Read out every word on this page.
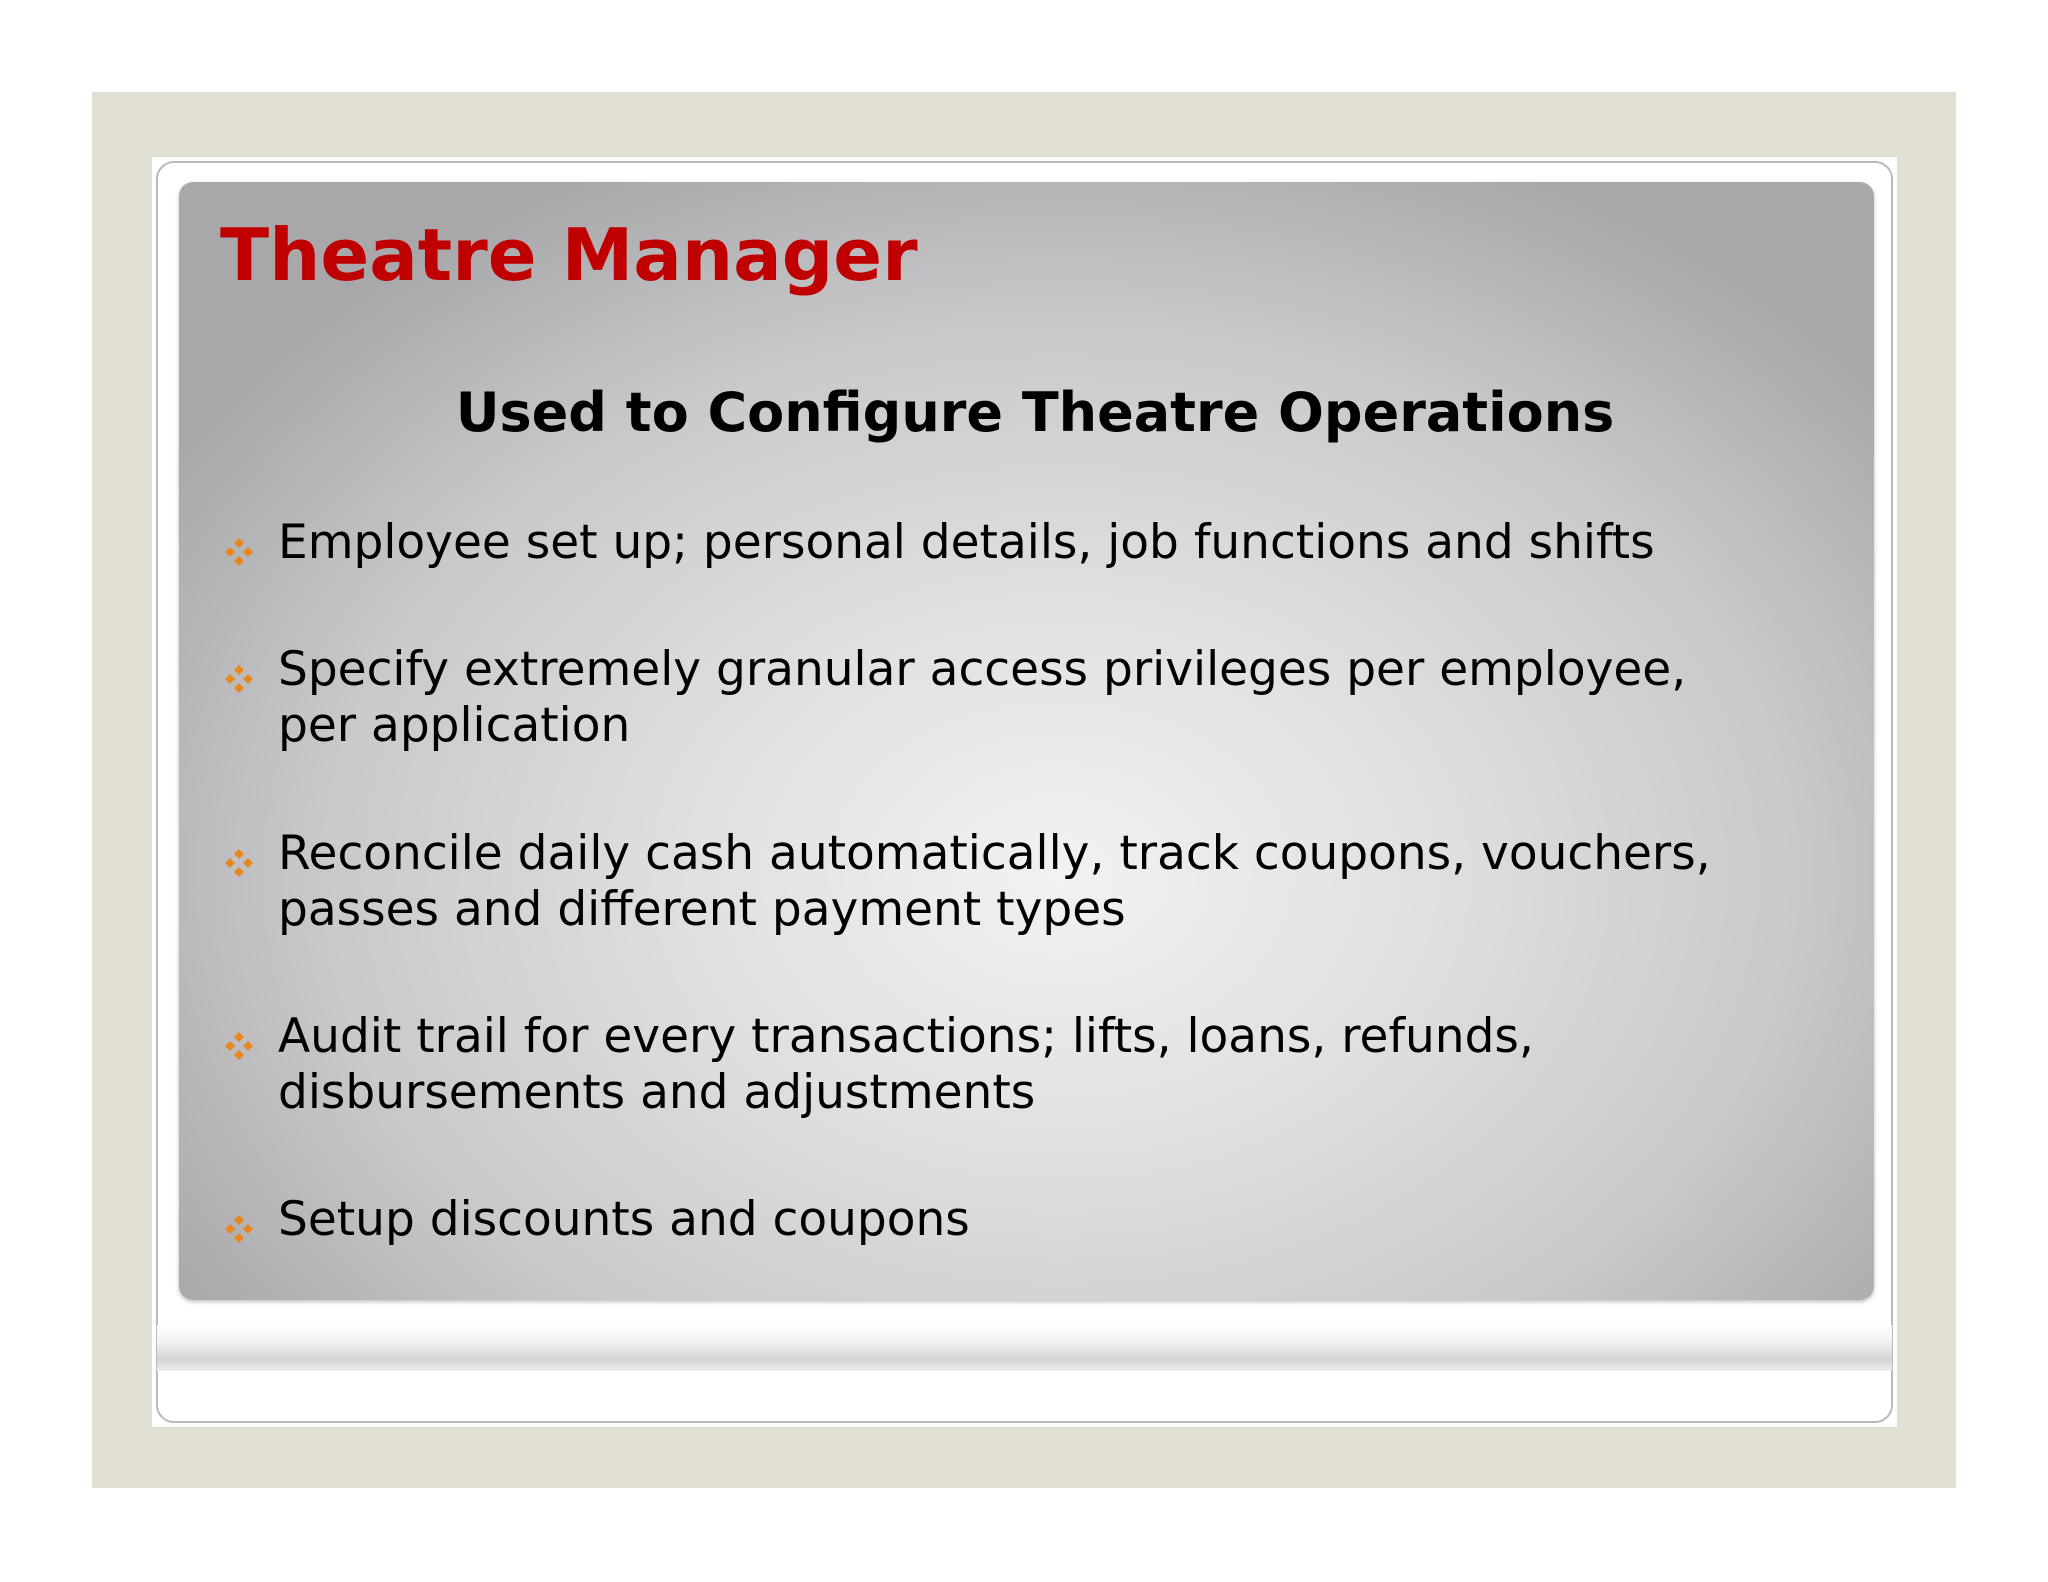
Theatre Manager
Used to Configure Theatre Operations
Employee set up; personal details, job functions and shifts
Specify extremely granular access privileges per employee, per application
Reconcile daily cash automatically, track coupons, vouchers, passes and different payment types
Audit trail for every transactions; lifts, loans, refunds, disbursements and adjustments
Setup discounts and coupons
